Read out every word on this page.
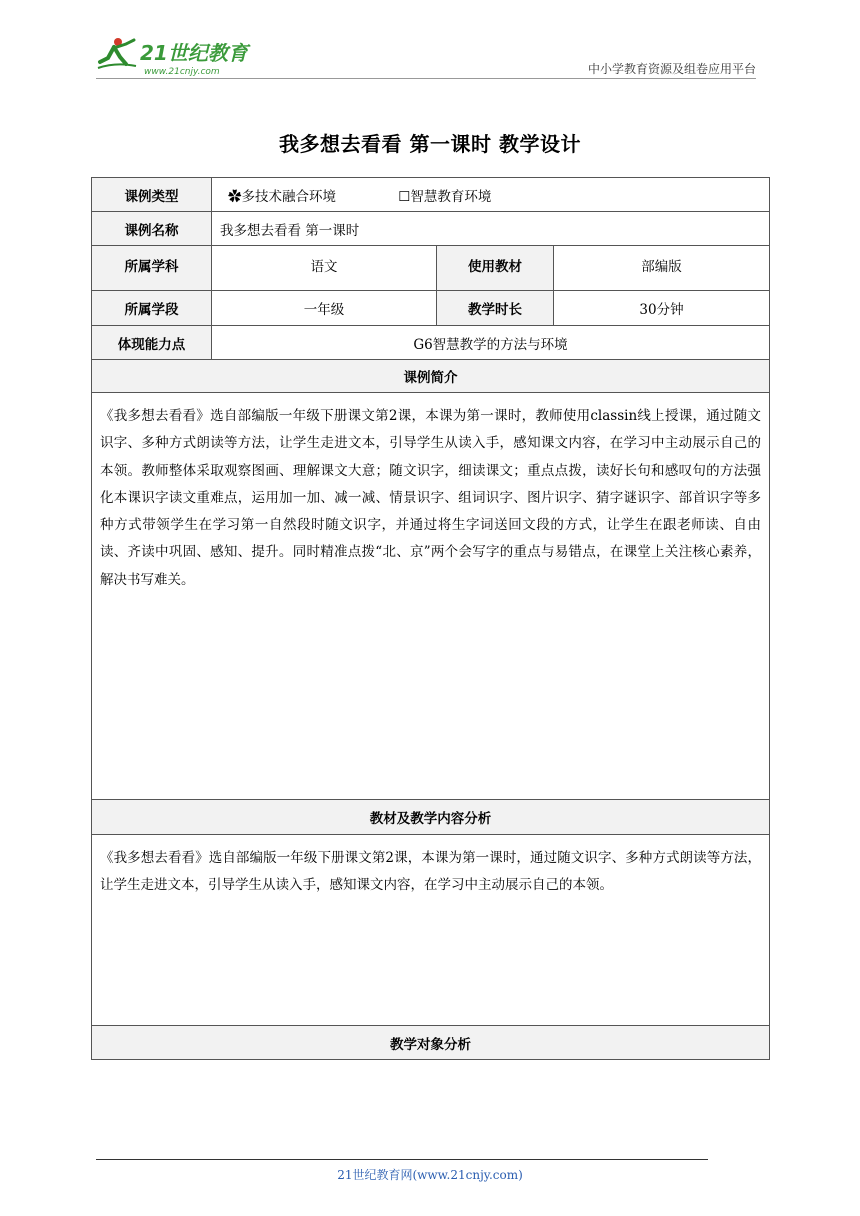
21世纪教育
www.21cnjy.com	中小学教育资源及组卷应用平台
我多想去看看 第一课时 教学设计
课例类型	✿多技术融合环境 ☐智慧教育环境		
课例名称	我多想去看看 第一课时		
所属学科	语文	使用教材	部编版
所属学段	一年级	教学时长	30分钟
体现能力点	G6智慧教学的方法与环境		
课例简介			
《我多想去看看》选自部编版一年级下册课文第2课，本课为第一课时，教师使用classin线上授课，通过随文识字、多种方式朗读等方法，让学生走进文本，引导学生从读入手，感知课文内容，在学习中主动展示自己的本领。教师整体采取观察图画、理解课文大意；随文识字，细读课文；重点点拨，读好长句和感叹句的方法强化本课识字读文重难点，运用加一加、减一减、情景识字、组词识字、图片识字、猜字谜识字、部首识字等多种方式带领学生在学习第一自然段时随文识字，并通过将生字词送回文段的方式，让学生在跟老师读、自由读、齐读中巩固、感知、提升。同时精准点拨“北、京”两个会写字的重点与易错点，在课堂上关注核心素养，解决书写难关。			
教材及教学内容分析			
《我多想去看看》选自部编版一年级下册课文第2课，本课为第一课时，通过随文识字、多种方式朗读等方法，让学生走进文本，引导学生从读入手，感知课文内容，在学习中主动展示自己的本领。			
教学对象分析			
21世纪教育网(www.21cnjy.com)
